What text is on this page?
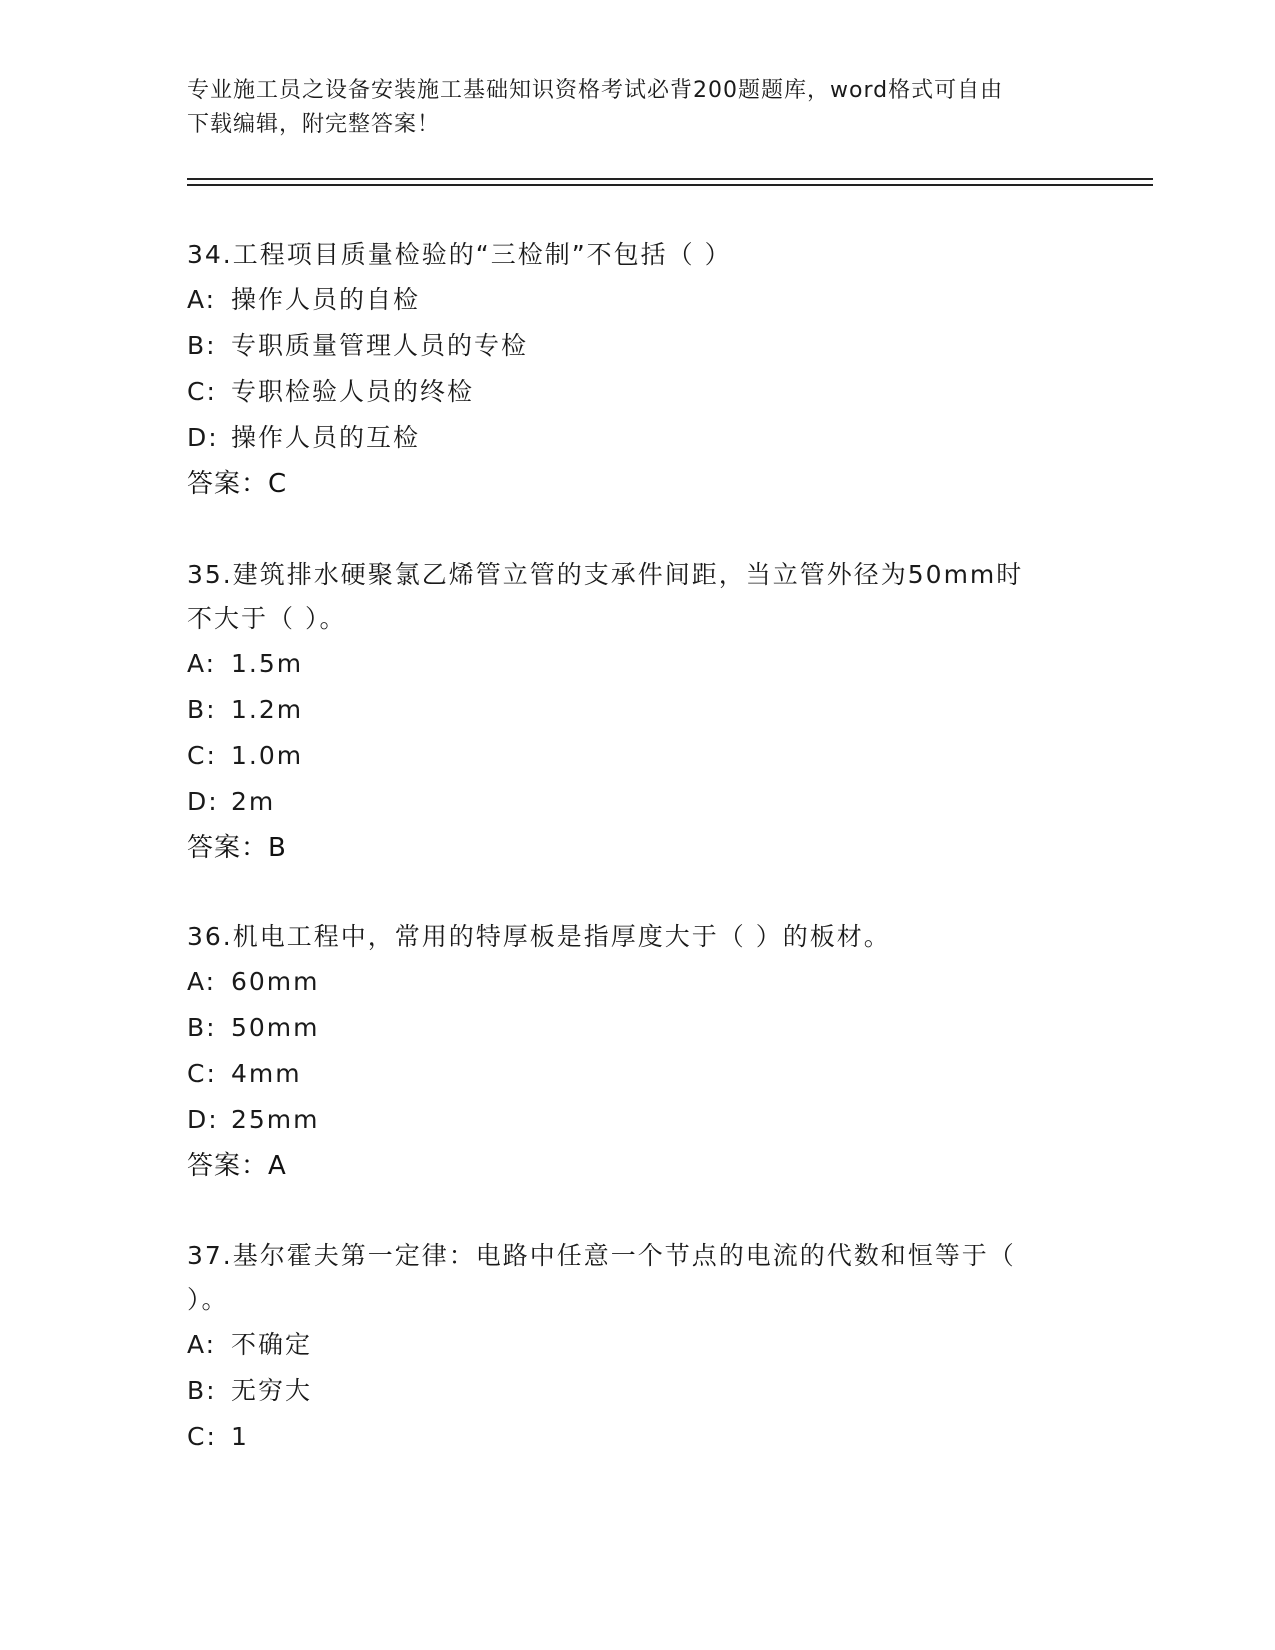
专业施工员之设备安装施工基础知识资格考试必背200题题库，word格式可自由
下载编辑，附完整答案！

34.工程项目质量检验的“三检制”不包括（ ）

A: 操作人员的自检

B: 专职质量管理人员的专检

C: 专职检验人员的终检

D: 操作人员的互检

答案：C

35.建筑排水硬聚氯乙烯管立管的支承件间距，当立管外径为50mm时

不大于（ ）。

A: 1.5m

B: 1.2m

C: 1.0m

D: 2m

答案：B

36.机电工程中，常用的特厚板是指厚度大于（ ）的板材。

A: 60mm

B: 50mm

C: 4mm

D: 25mm

答案：A

37.基尔霍夫第一定律：电路中任意一个节点的电流的代数和恒等于（

）。

A: 不确定

B: 无穷大

C: 1
